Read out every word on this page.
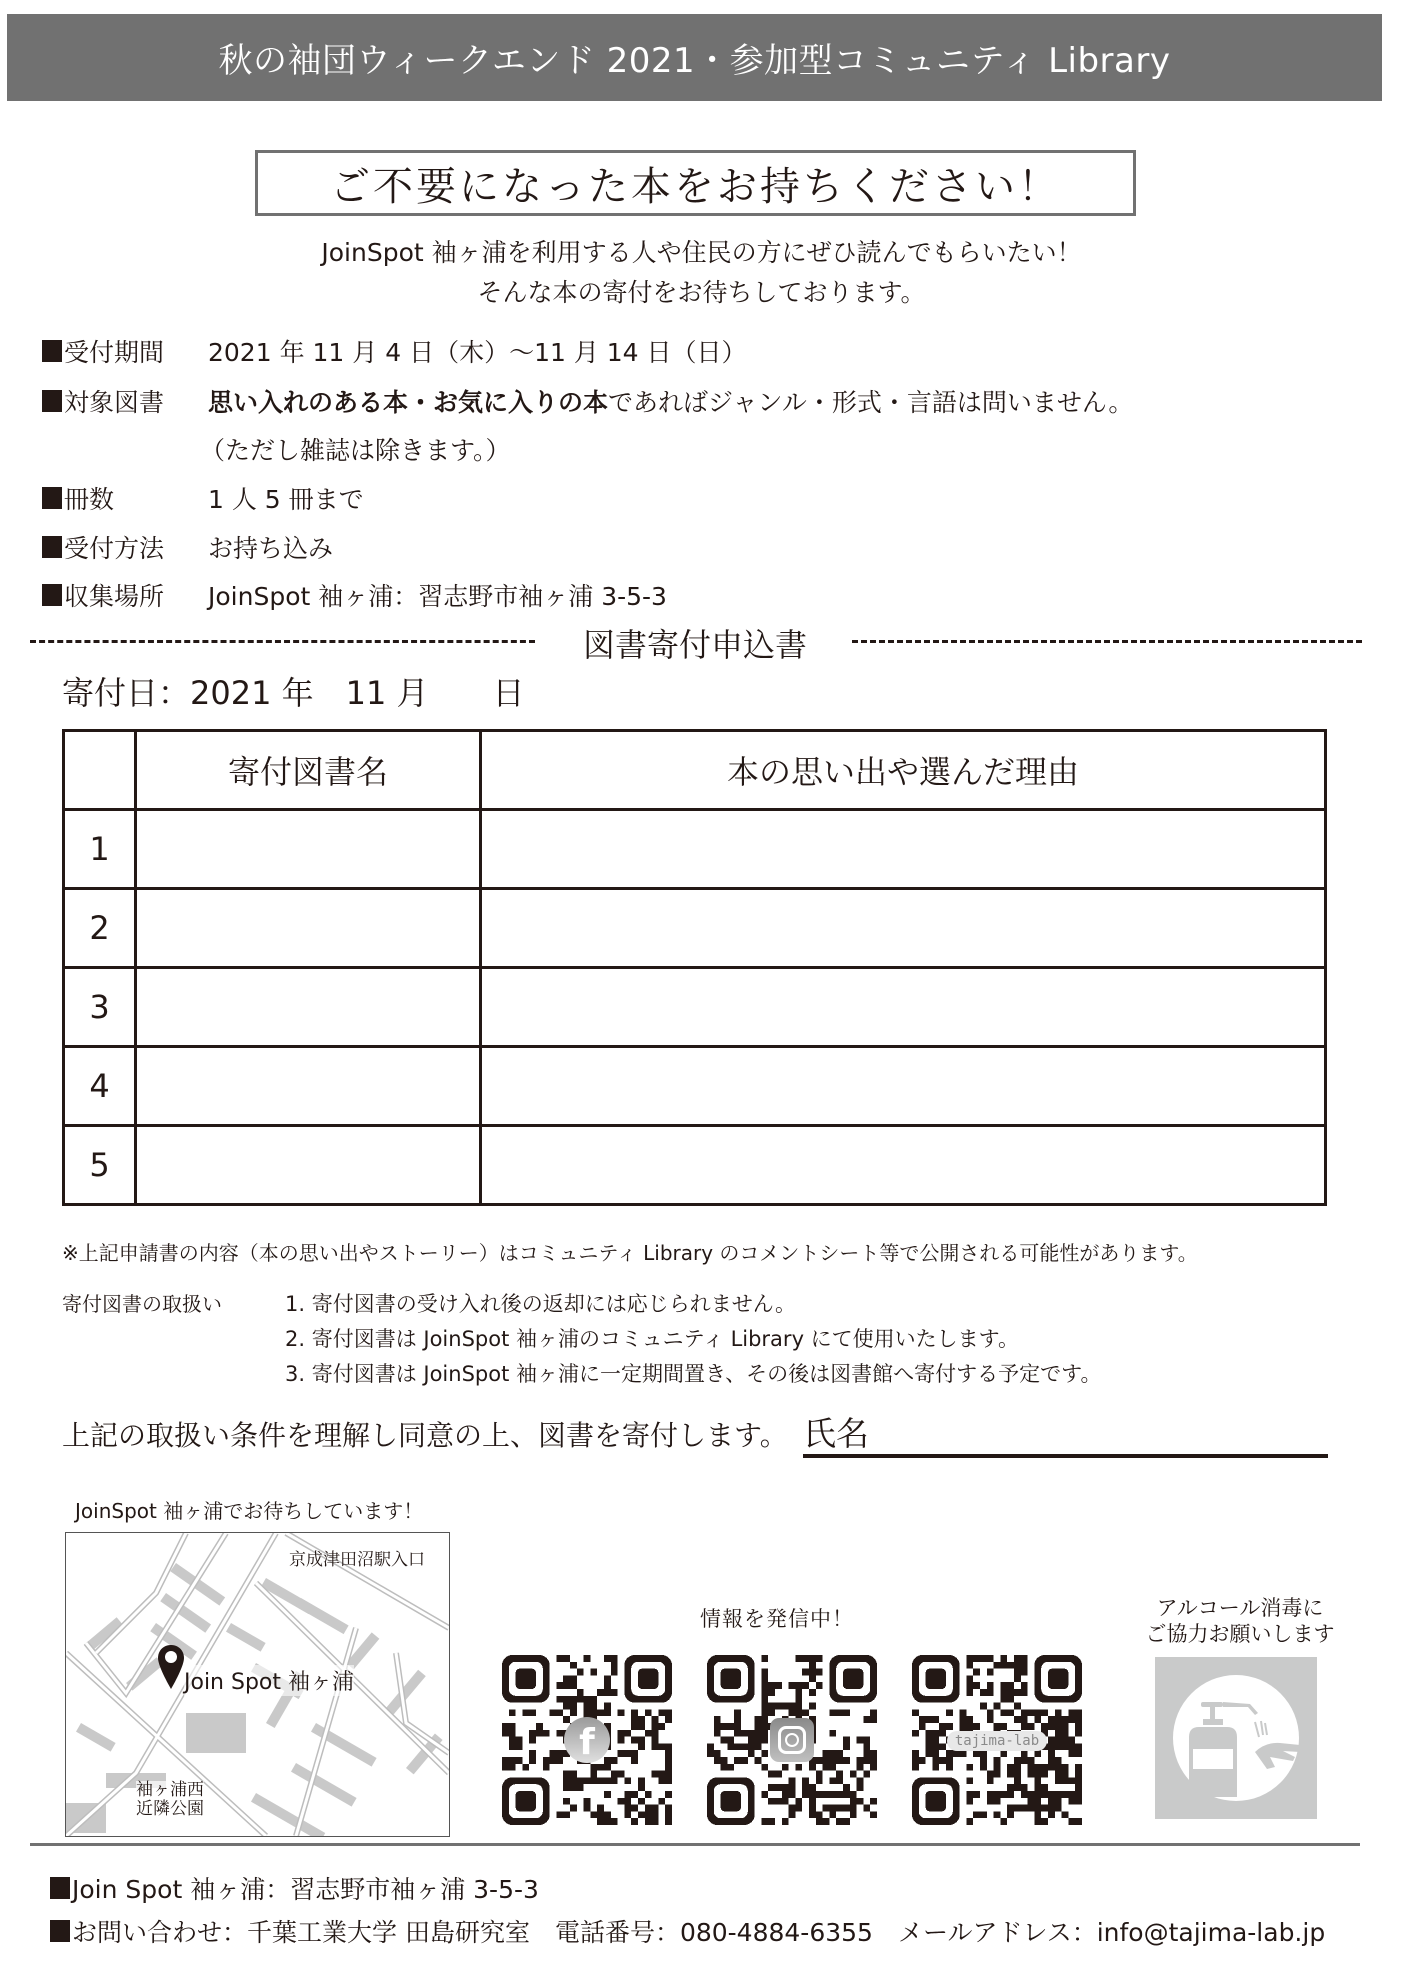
秋の袖団ウィークエンド 2021・参加型コミュニティ Library
ご不要になった本をお持ちください！
JoinSpot 袖ヶ浦を利用する人や住民の方にぜひ読んでもらいたい！
そんな本の寄付をお待ちしております。
受付期間 2021 年 11 月 4 日（木）〜11 月 14 日（日）
対象図書 思い入れのある本・お気に入りの本であればジャンル・形式・言語は問いません。
（ただし雑誌は除きます。）
冊数	1 人 5 冊まで
受付方法 お持ち込み
収集場所 JoinSpot 袖ヶ浦：習志野市袖ヶ浦 3-5-3
図書寄付申込書
寄付日：2021 年　11 月　　日
	寄付図書名	本の思い出や選んだ理由
1		
2		
3		
4		
5		
※上記申請書の内容（本の思い出やストーリー）はコミュニティ Library のコメントシート等で公開される可能性があります。
寄付図書の取扱い	1. 寄付図書の受け入れ後の返却には応じられません。
2. 寄付図書は JoinSpot 袖ヶ浦のコミュニティ Library にて使用いたします。
3. 寄付図書は JoinSpot 袖ヶ浦に一定期間置き、その後は図書館へ寄付する予定です。
上記の取扱い条件を理解し同意の上、図書を寄付します。 氏名
JoinSpot 袖ヶ浦でお待ちしています！
京成津田沼駅入口
Join Spot 袖ヶ浦
袖ヶ浦西
近隣公園
情報を発信中！
f	tajima-lab
アルコール消毒に
ご協力お願いします
Join Spot 袖ヶ浦：習志野市袖ヶ浦 3-5-3
お問い合わせ：千葉工業大学 田島研究室　電話番号：080-4884-6355　メールアドレス：info@tajima-lab.jp
